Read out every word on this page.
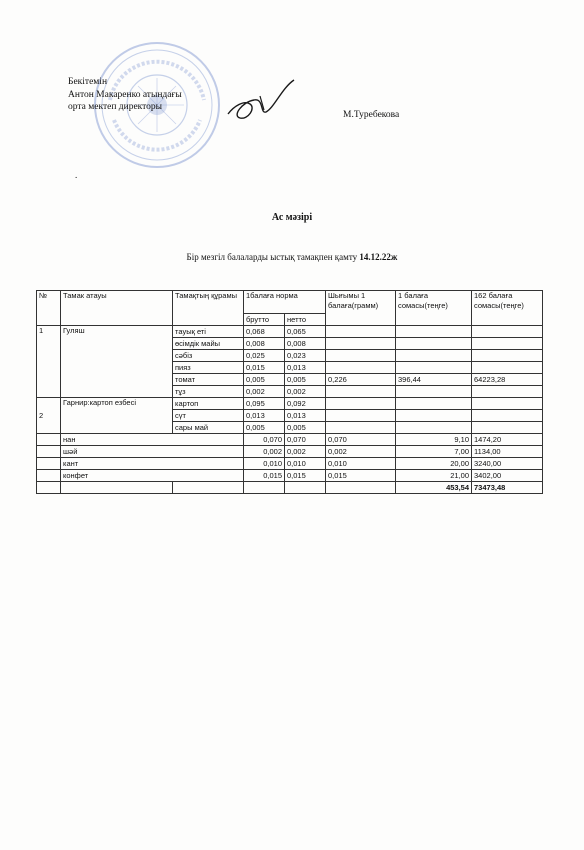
Бекітемін
Антон Макаренко атындағы
орта мектеп директоры
М.Туребекова
.
Ас мәзірі
Бір мезгіл балаларды ыстық тамақпен қамту 14.12.22ж
№	Тамак атауы	Тамақтың құрамы	1балаға норма		Шығымы 1 балаға(грамм)	1 балаға сомасы(теңге)	162 балаға сомасы(теңге)
			брутто	нетто			
1	Гуляш	тауық еті	0,068	0,065			
		өсімдік майы	0,008	0,008			
		сәбіз	0,025	0,023			
		пияз	0,015	0,013			
		томат	0,005	0,005	0,226	396,44	64223,28
		тұз	0,002	0,002			
2	Гарнир:картоп езбесі	картоп	0,095	0,092			
		сүт	0,013	0,013			
		сары май	0,005	0,005			
	нан		0,070	0,070	0,070	9,10	1474,20
	шәй		0,002	0,002	0,002	7,00	1134,00
	кант		0,010	0,010	0,010	20,00	3240,00
	конфет		0,015	0,015	0,015	21,00	3402,00
						453,54	73473,48
